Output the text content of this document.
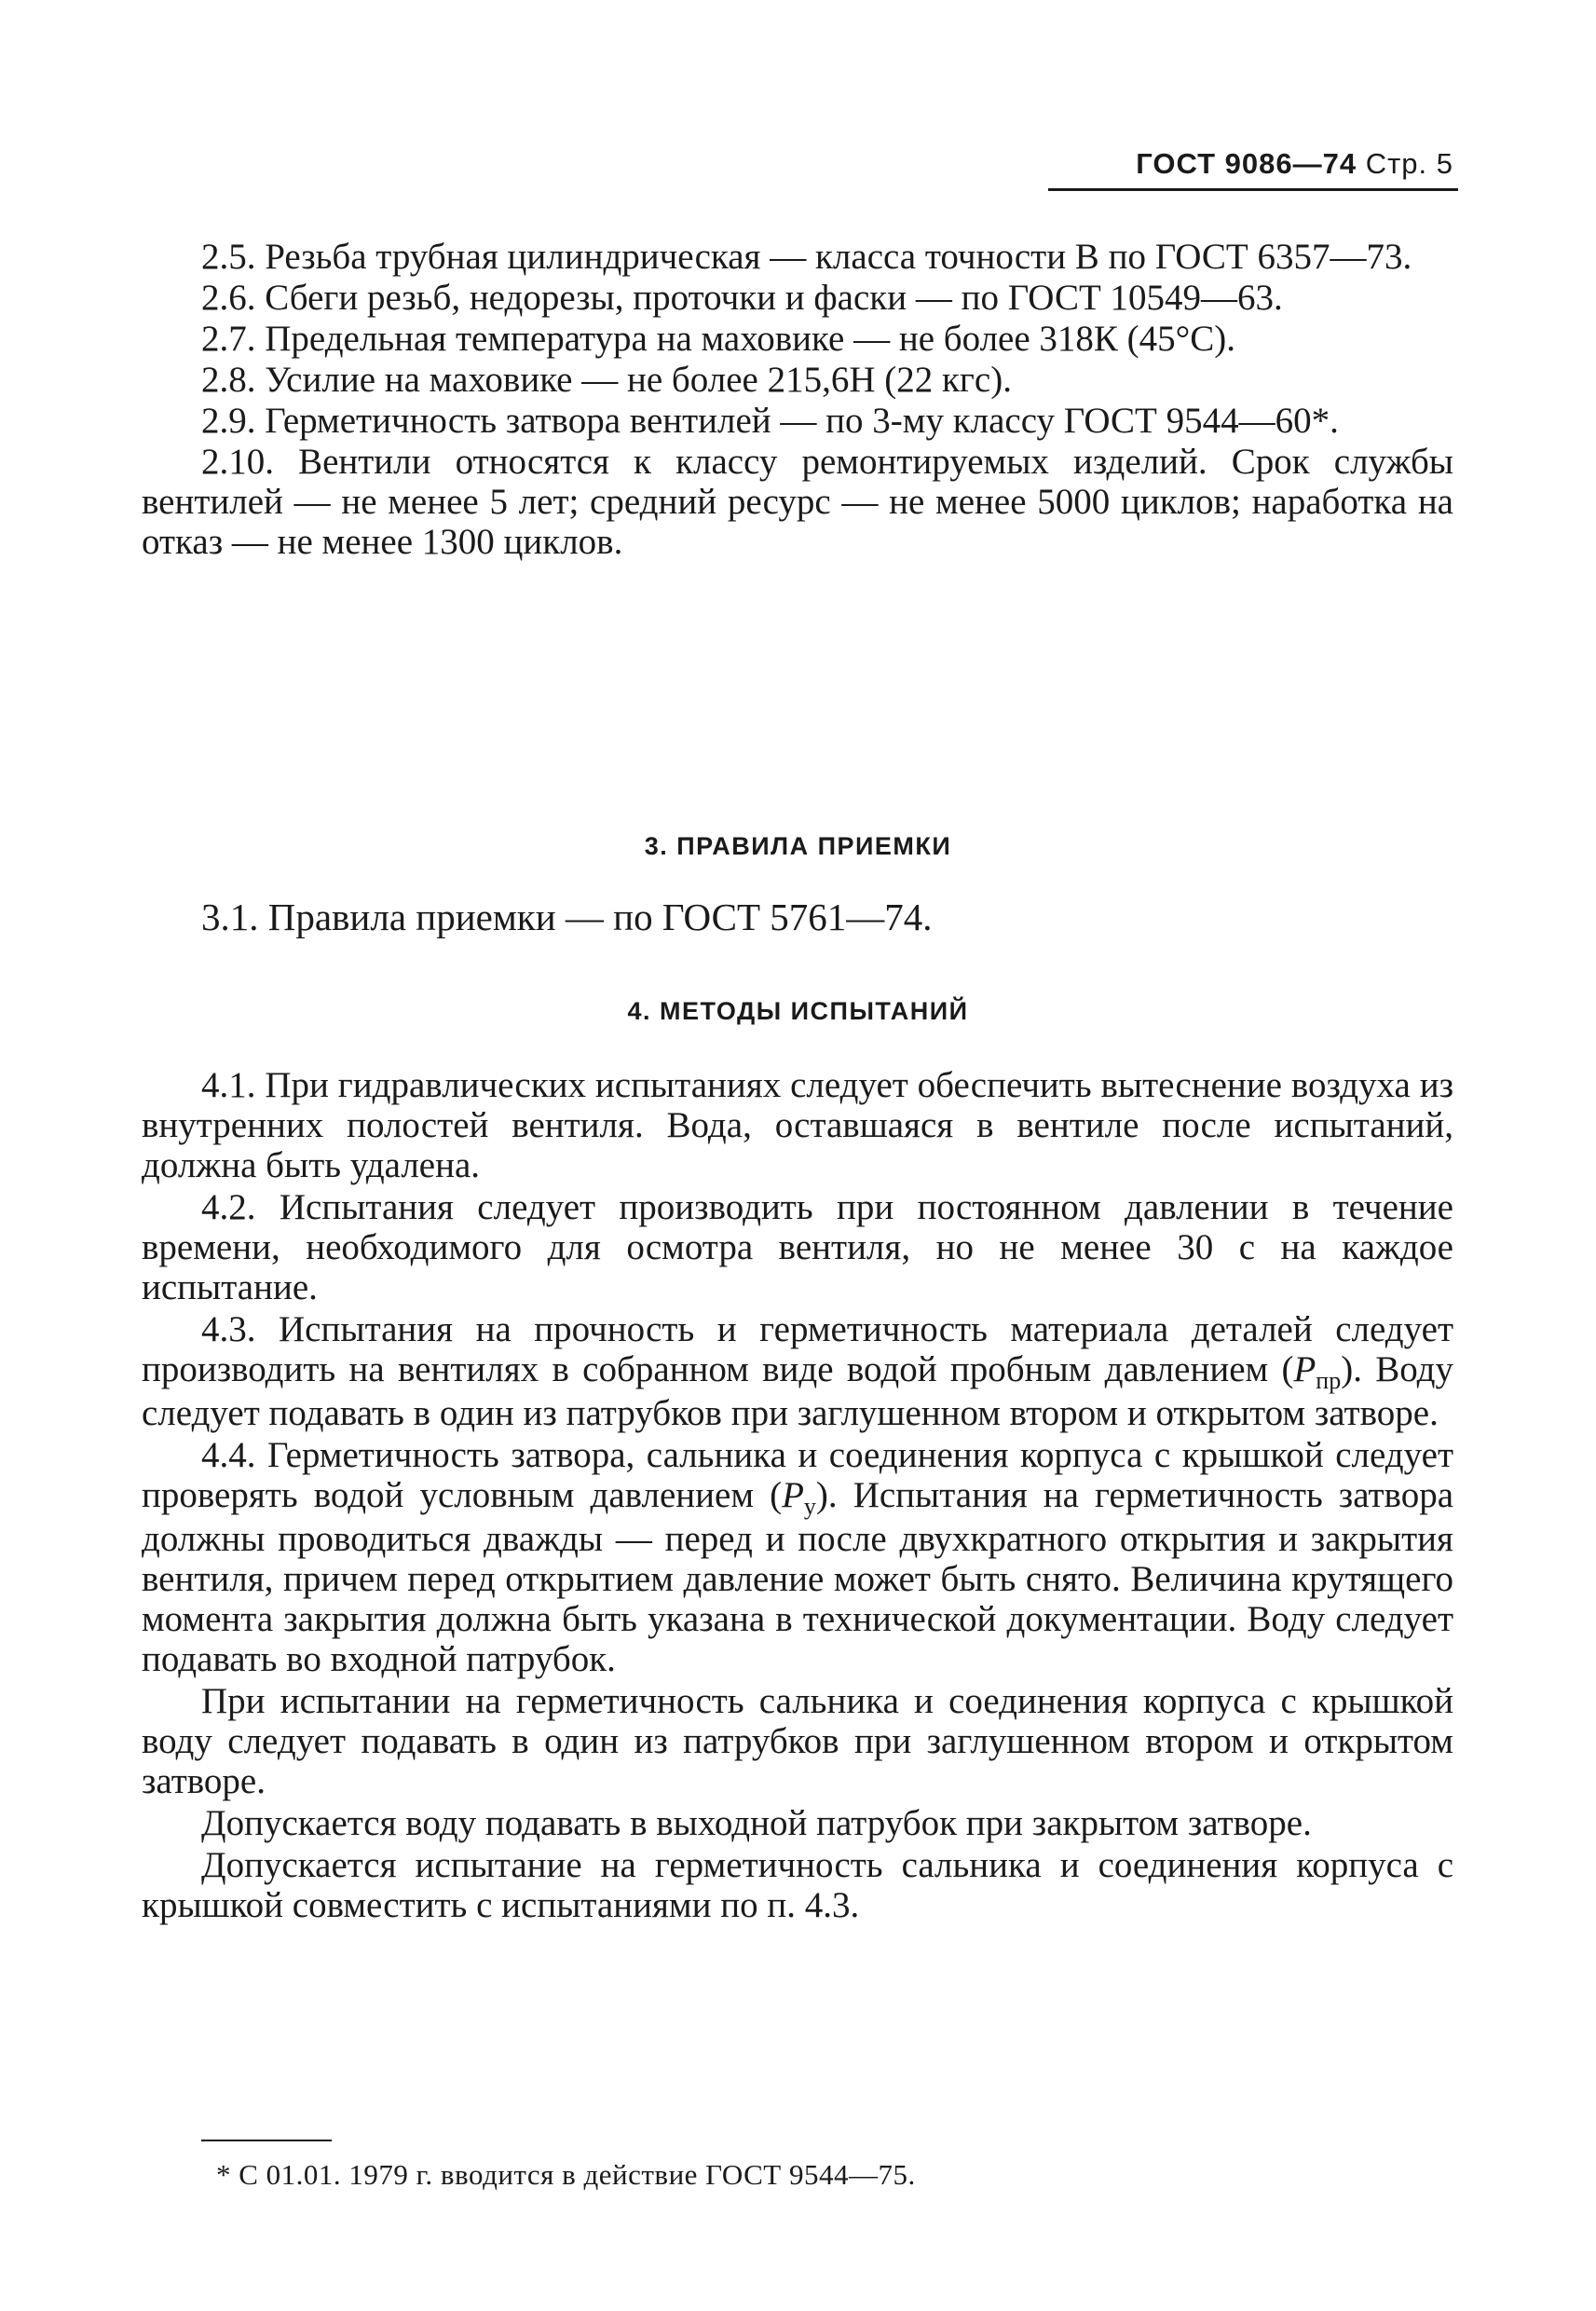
ГОСТ 9086—74 Стр. 5

2.5. Резьба трубная цилиндрическая — класса точности В по ГОСТ 6357—73.

2.6. Сбеги резьб, недорезы, проточки и фаски — по ГОСТ 10549—63.

2.7. Предельная температура на маховике — не более 318К (45°С).

2.8. Усилие на маховике — не более 215,6Н (22 кгс).

2.9. Герметичность затвора вентилей — по 3-му классу ГОСТ 9544—60*.

2.10. Вентили относятся к классу ремонтируемых изделий. Срок службы вентилей — не менее 5 лет; средний ресурс — не менее 5000 циклов; наработка на отказ — не менее 1300 циклов.

3. ПРАВИЛА ПРИЕМКИ

3.1. Правила приемки — по ГОСТ 5761—74.

4. МЕТОДЫ ИСПЫТАНИЙ

4.1. При гидравлических испытаниях следует обеспечить вытеснение воздуха из внутренних полостей вентиля. Вода, оставшаяся в вентиле после испытаний, должна быть удалена.

4.2. Испытания следует производить при постоянном давлении в течение времени, необходимого для осмотра вентиля, но не менее 30 с на каждое испытание.

4.3. Испытания на прочность и герметичность материала деталей следует производить на вентилях в собранном виде водой пробным давлением $(P_{пр})$. Воду следует подавать в один из патрубков при заглушенном втором и открытом затворе.

4.4. Герметичность затвора, сальника и соединения корпуса с крышкой следует проверять водой условным давлением $(P_у)$. Испытания на герметичность затвора должны проводиться дважды — перед и после двухкратного открытия и закрытия вентиля, причем перед открытием давление может быть снято. Величина крутящего момента закрытия должна быть указана в технической документации. Воду следует подавать во входной патрубок.

При испытании на герметичность сальника и соединения корпуса с крышкой воду следует подавать в один из патрубков при заглушенном втором и открытом затворе.

Допускается воду подавать в выходной патрубок при закрытом затворе.

Допускается испытание на герметичность сальника и соединения корпуса с крышкой совместить с испытаниями по п. 4.3.

* С 01.01. 1979 г. вводится в действие ГОСТ 9544—75.
